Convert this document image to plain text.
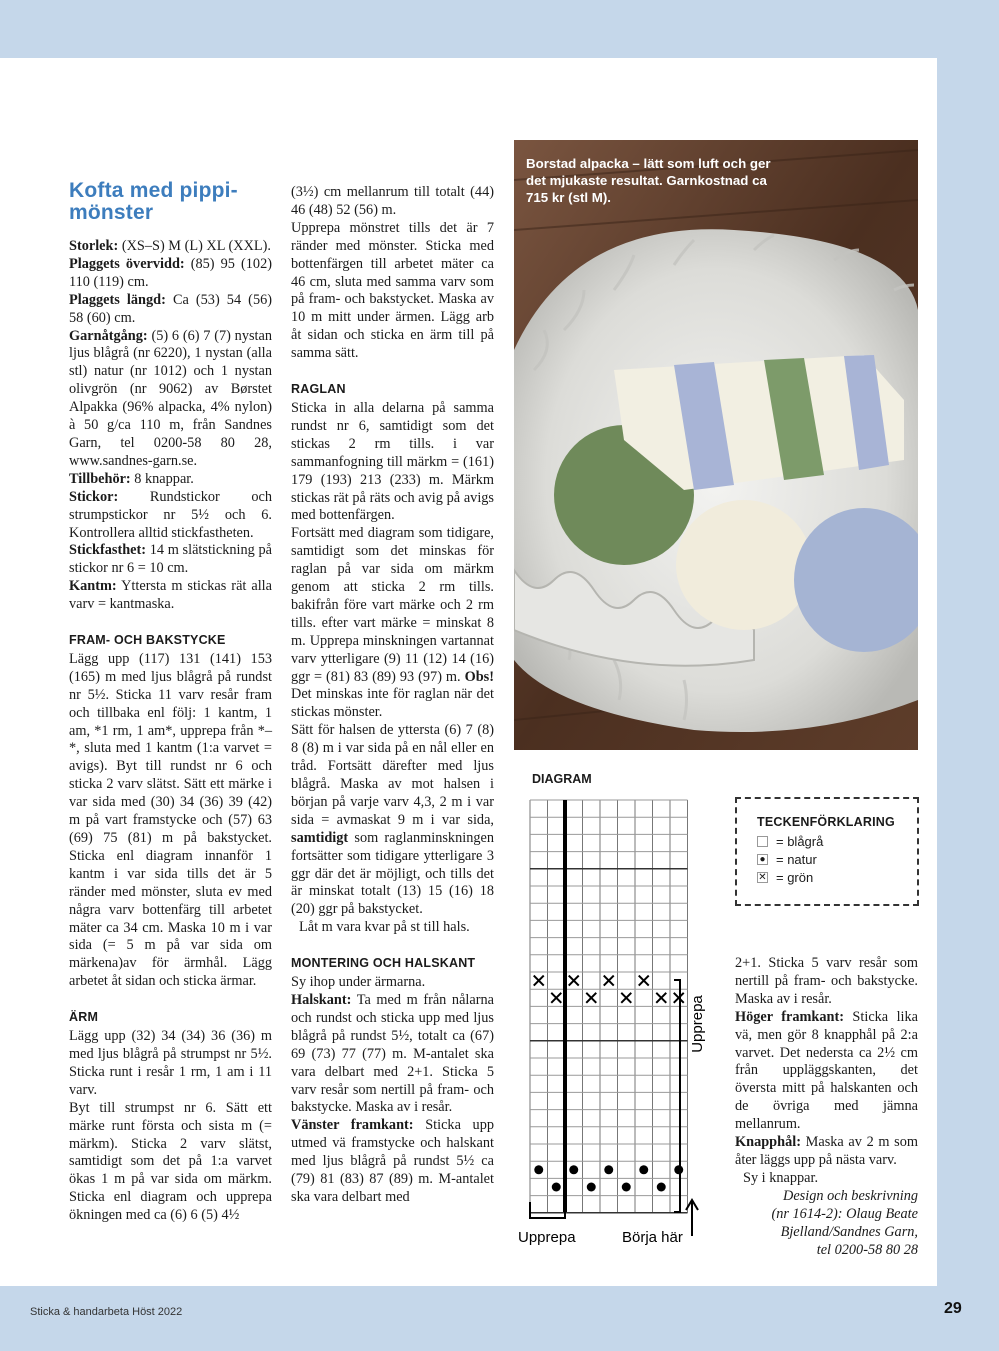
Kofta med pippi-mönster

Storlek: (XS–S) M (L) XL (XXL).

Plaggets övervidd: (85) 95 (102) 110 (119) cm.

Plaggets längd: Ca (53) 54 (56) 58 (60) cm.

Garnåtgång: (5) 6 (6) 7 (7) nystan ljus blågrå (nr 6220), 1 nystan (alla stl) natur (nr 1012) och 1 nystan olivgrön (nr 9062) av Børstet Alpakka (96% alpacka, 4% nylon) à 50 g/ca 110 m, från Sandnes Garn, tel 0200-58 80 28, www.sandnes-garn.se.

Tillbehör: 8 knappar.

Stickor: Rundstickor och strumpstickor nr 5½ och 6. Kontrollera alltid stickfastheten.

Stickfasthet: 14 m slätstickning på stickor nr 6 = 10 cm.

Kantm: Yttersta m stickas rät alla varv = kantmaska.

FRAM- OCH BAKSTYCKE

Lägg upp (117) 131 (141) 153 (165) m med ljus blågrå på rundst nr 5½. Sticka 11 varv resår fram och tillbaka enl följ: 1 kantm, 1 am, *1 rm, 1 am*, upprepa från *–*, sluta med 1 kantm (1:a varvet = avigs). Byt till rundst nr 6 och sticka 2 varv slätst. Sätt ett märke i var sida med (30) 34 (36) 39 (42) m på vart framstycke och (57) 63 (69) 75 (81) m på bakstycket. Sticka enl diagram innanför 1 kantm i var sida tills det är 5 ränder med mönster, sluta ev med några varv bottenfärg till arbetet mäter ca 34 cm. Maska 10 m i var sida (= 5 m på var sida om märkena)av för ärmhål. Lägg arbetet åt sidan och sticka ärmar.

ÄRM

Lägg upp (32) 34 (34) 36 (36) m med ljus blågrå på strumpst nr 5½. Sticka runt i resår 1 rm, 1 am i 11 varv.

Byt till strumpst nr 6. Sätt ett märke runt första och sista m (= märkm). Sticka 2 varv slätst, samtidigt som det på 1:a varvet ökas 1 m på var sida om märkm. Sticka enl diagram och upprepa ökningen med ca (6) 6 (5) 4½

(3½) cm mellanrum till totalt (44) 46 (48) 52 (56) m.

Upprepa mönstret tills det är 7 ränder med mönster. Sticka med bottenfärgen till arbetet mäter ca 46 cm, sluta med samma varv som på fram- och bakstycket. Maska av 10 m mitt under ärmen. Lägg arb åt sidan och sticka en ärm till på samma sätt.

RAGLAN

Sticka in alla delarna på samma rundst nr 6, samtidigt som det stickas 2 rm tills. i var sammanfogning till märkm = (161) 179 (193) 213 (233) m. Märkm stickas rät på räts och avig på avigs med bottenfärgen.

Fortsätt med diagram som tidigare, samtidigt som det minskas för raglan på var sida om märkm genom att sticka 2 rm tills. bakifrån före vart märke och 2 rm tills. efter vart märke = minskat 8 m. Upprepa minskningen vartannat varv ytterligare (9) 11 (12) 14 (16) ggr = (81) 83 (89) 93 (97) m. Obs! Det minskas inte för raglan när det stickas mönster.

Sätt för halsen de yttersta (6) 7 (8) 8 (8) m i var sida på en nål eller en tråd. Fortsätt därefter med ljus blågrå. Maska av mot halsen i början på varje varv 4,3, 2 m i var sida = avmaskat 9 m i var sida, samtidigt som raglanminskningen fortsätter som tidigare ytterligare 3 ggr där det är möjligt, och tills det är minskat totalt (13) 15 (16) 18 (20) ggr på bakstycket.

Låt m vara kvar på st till hals.

MONTERING OCH HALSKANT

Sy ihop under ärmarna.

Halskant: Ta med m från nålarna och rundst och sticka upp med ljus blågrå på rundst 5½, totalt ca (67) 69 (73) 77 (77) m. M-antalet ska vara delbart med 2+1. Sticka 5 varv resår som nertill på fram- och bakstycke. Maska av i resår.

Vänster framkant: Sticka upp utmed vä framstycke och halskant med ljus blågrå på rundst 5½ ca (79) 81 (83) 87 (89) m. M-antalet ska vara delbart med

Borstad alpacka – lätt som luft och ger det mjukaste resultat. Garnkostnad ca 715 kr (stl M).
DIAGRAM
Upprepa
Upprepa	Börja här
TECKENFÖRKLARING
= blågrå
● = natur
✕ = grön

2+1. Sticka 5 varv resår som nertill på fram- och bakstycke. Maska av i resår.

Höger framkant: Sticka lika vä, men gör 8 knapphål på 2:a varvet. Det nedersta ca 2½ cm från uppläggskanten, det översta mitt på halskanten och de övriga med jämna mellanrum.

Knapphål: Maska av 2 m som åter läggs upp på nästa varv.

Sy i knappar.

Design och beskrivning

(nr 1614-2): Olaug Beate

Bjelland/Sandnes Garn,

tel 0200-58 80 28

Sticka & handarbeta Höst 2022	29
